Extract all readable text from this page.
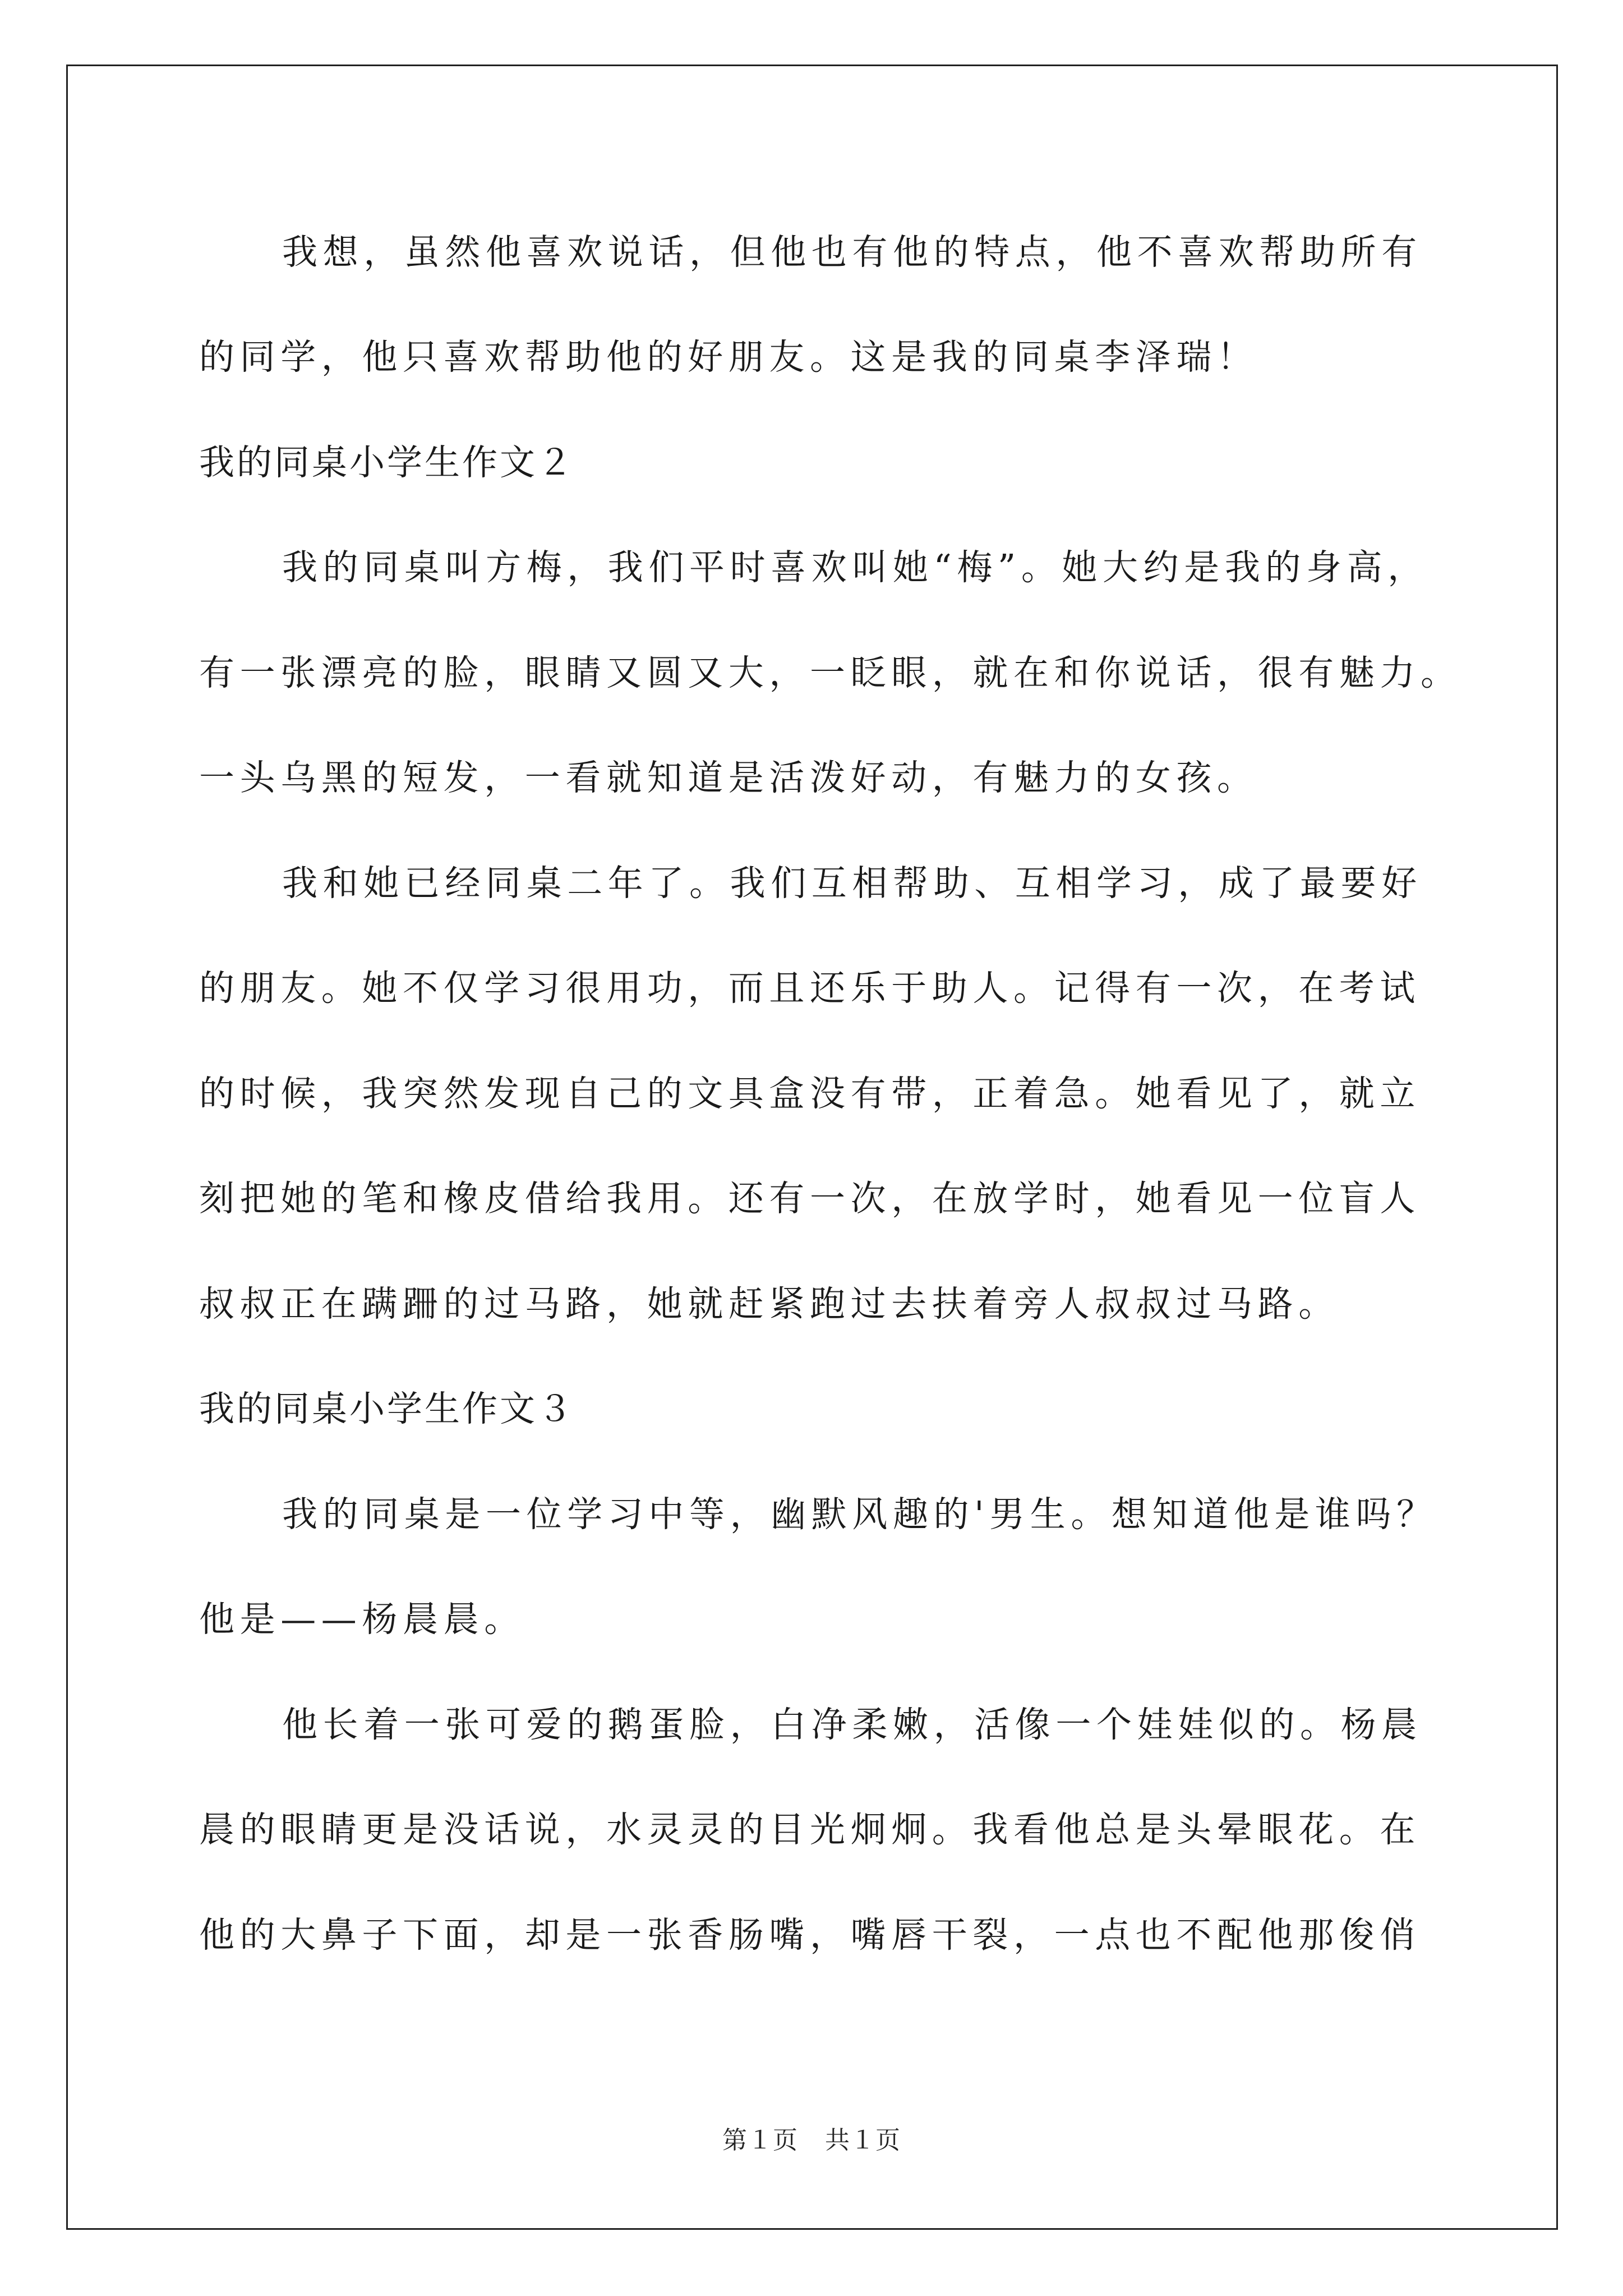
我想，虽然他喜欢说话，但他也有他的特点，他不喜欢帮助所有
的同学，他只喜欢帮助他的好朋友。这是我的同桌李泽瑞！
我的同桌小学生作文２
我的同桌叫方梅，我们平时喜欢叫她“梅”。她大约是我的身高，
有一张漂亮的脸，眼睛又圆又大，一眨眼，就在和你说话，很有魅力。
一头乌黑的短发，一看就知道是活泼好动，有魅力的女孩。
我和她已经同桌二年了。我们互相帮助、互相学习，成了最要好
的朋友。她不仅学习很用功，而且还乐于助人。记得有一次，在考试
的时候，我突然发现自己的文具盒没有带，正着急。她看见了，就立
刻把她的笔和橡皮借给我用。还有一次，在放学时，她看见一位盲人
叔叔正在蹒跚的过马路，她就赶紧跑过去扶着旁人叔叔过马路。
我的同桌小学生作文３
我的同桌是一位学习中等，幽默风趣的'男生。想知道他是谁吗？
他是——杨晨晨。
他长着一张可爱的鹅蛋脸，白净柔嫩，活像一个娃娃似的。杨晨
晨的眼睛更是没话说，水灵灵的目光炯炯。我看他总是头晕眼花。在
他的大鼻子下面，却是一张香肠嘴，嘴唇干裂，一点也不配他那俊俏
第１页 共１页
